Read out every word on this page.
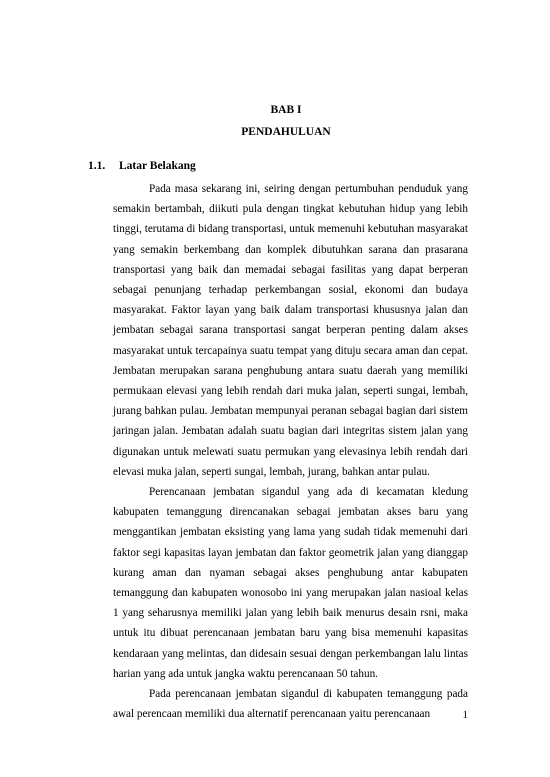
BAB I
PENDAHULUAN
1.1. Latar Belakang

Pada masa sekarang ini, seiring dengan pertumbuhan penduduk yang semakin bertambah, diikuti pula dengan tingkat kebutuhan hidup yang lebih tinggi, terutama di bidang transportasi, untuk memenuhi kebutuhan masyarakat yang semakin berkembang dan komplek dibutuhkan sarana dan prasarana transportasi yang baik dan memadai sebagai fasilitas yang dapat berperan sebagai penunjang terhadap perkembangan sosial, ekonomi dan budaya masyarakat. Faktor layan yang baik dalam transportasi khususnya jalan dan jembatan sebagai sarana transportasi sangat berperan penting dalam akses masyarakat untuk tercapainya suatu tempat yang dituju secara aman dan cepat. Jembatan merupakan sarana penghubung antara suatu daerah yang memiliki permukaan elevasi yang lebih rendah dari muka jalan, seperti sungai, lembah, jurang bahkan pulau. Jembatan mempunyai peranan sebagai bagian dari sistem jaringan jalan. Jembatan adalah suatu bagian dari integritas sistem jalan yang digunakan untuk melewati suatu permukan yang elevasinya lebih rendah dari elevasi muka jalan, seperti sungai, lembah, jurang, bahkan antar pulau.

Perencanaan jembatan sigandul yang ada di kecamatan kledung kabupaten temanggung direncanakan sebagai jembatan akses baru yang menggantikan jembatan eksisting yang lama yang sudah tidak memenuhi dari faktor segi kapasitas layan jembatan dan faktor geometrik jalan yang dianggap kurang aman dan nyaman sebagai akses penghubung antar kabupaten temanggung dan kabupaten wonosobo ini yang merupakan jalan nasioal kelas 1 yang seharusnya memiliki jalan yang lebih baik menurus desain rsni, maka untuk itu dibuat perencanaan jembatan baru yang bisa memenuhi kapasitas kendaraan yang melintas, dan didesain sesuai dengan perkembangan lalu lintas harian yang ada untuk jangka waktu perencanaan 50 tahun.

Pada perencanaan jembatan sigandul di kabupaten temanggung pada awal perencaan memiliki dua alternatif perencanaan yaitu perencanaan	1
